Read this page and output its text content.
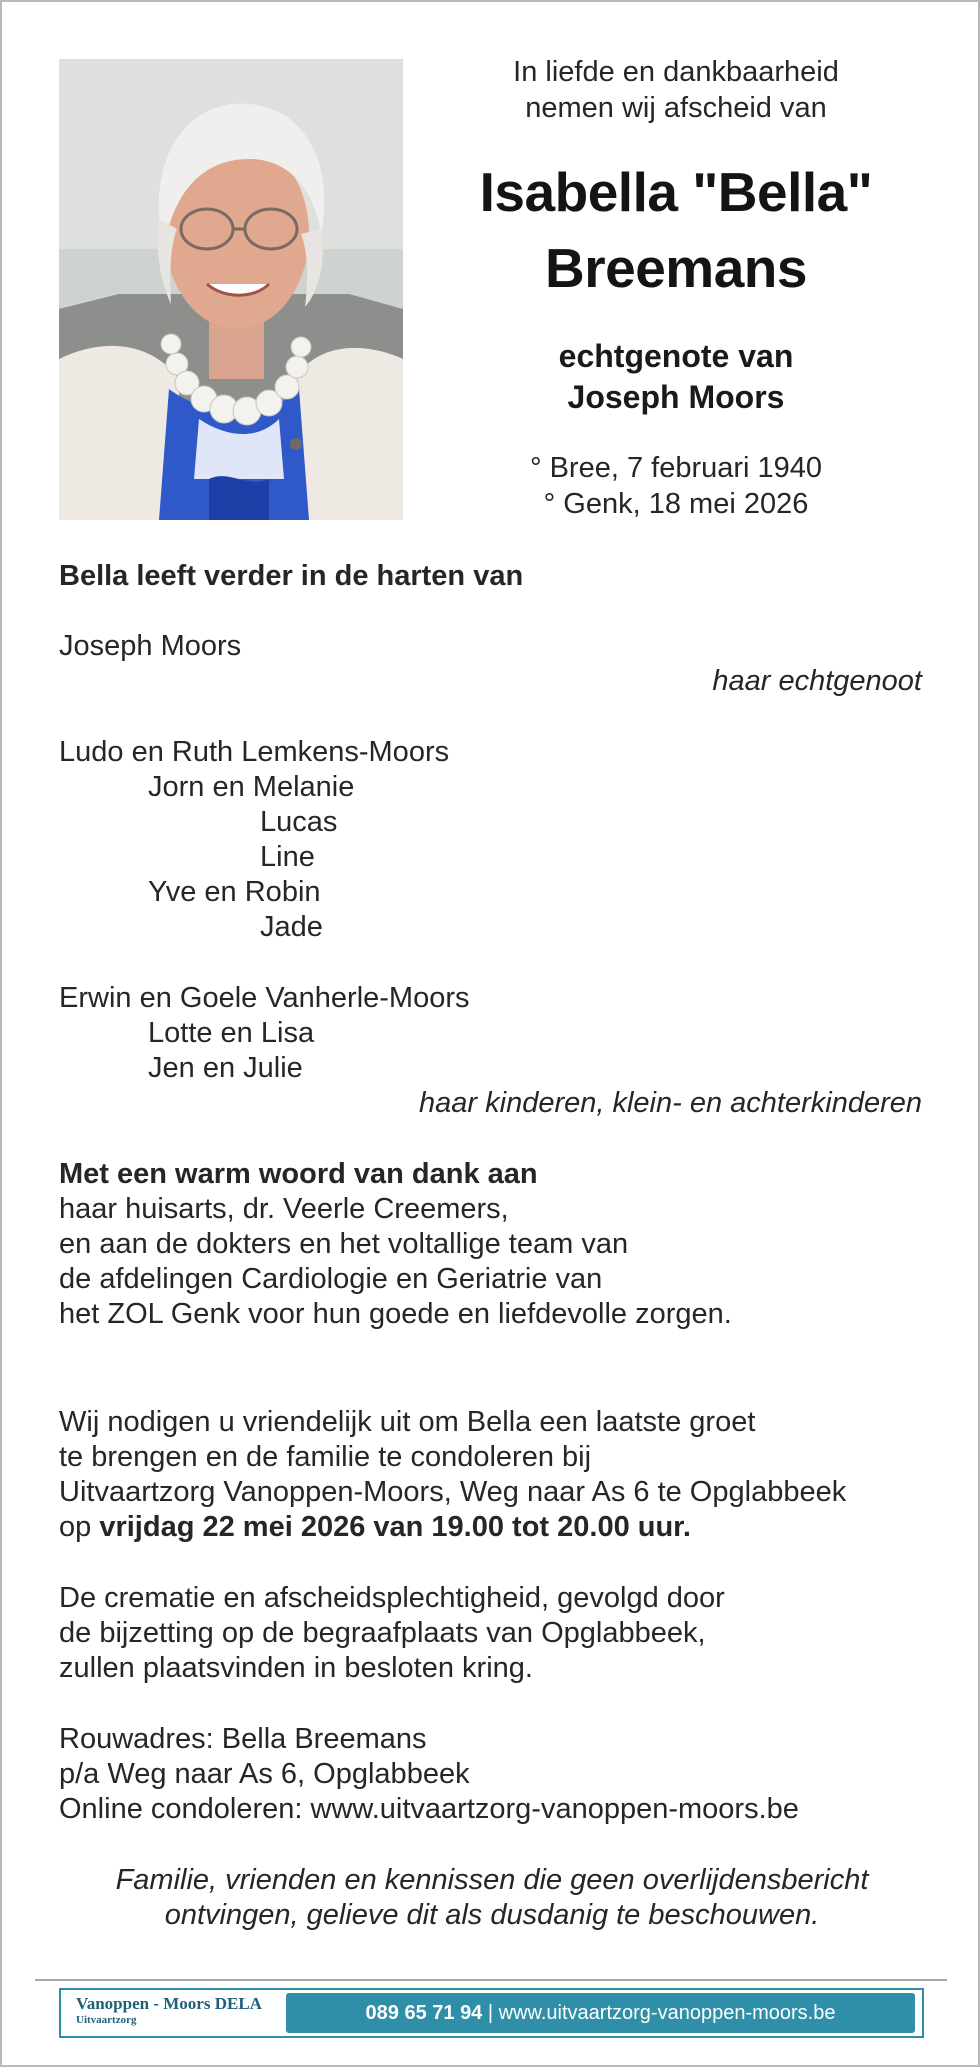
In liefde en dankbaarheid
nemen wij afscheid van
Isabella "Bella"
Breemans
echtgenote van
Joseph Moors
° Bree, 7 februari 1940
° Genk, 18 mei 2026
Bella leeft verder in de harten van
Joseph Moors
haar echtgenoot
Ludo en Ruth Lemkens-Moors
Jorn en Melanie
Lucas
Line
Yve en Robin
Jade
Erwin en Goele Vanherle-Moors
Lotte en Lisa
Jen en Julie
haar kinderen, klein- en achterkinderen
Met een warm woord van dank aan
haar huisarts, dr. Veerle Creemers,
en aan de dokters en het voltallige team van
de afdelingen Cardiologie en Geriatrie van
het ZOL Genk voor hun goede en liefdevolle zorgen.
Wij nodigen u vriendelijk uit om Bella een laatste groet
te brengen en de familie te condoleren bij
Uitvaartzorg Vanoppen-Moors, Weg naar As 6 te Opglabbeek
op vrijdag 22 mei 2026 van 19.00 tot 20.00 uur.
De crematie en afscheidsplechtigheid, gevolgd door
de bijzetting op de begraafplaats van Opglabbeek,
zullen plaatsvinden in besloten kring.
Rouwadres: Bella Breemans
p/a Weg naar As 6, Opglabbeek
Online condoleren: www.uitvaartzorg-vanoppen-moors.be
Familie, vrienden en kennissen die geen overlijdensbericht
ontvingen, gelieve dit als dusdanig te beschouwen.
Vanoppen - Moors DELA
Uitvaartzorg	089 65 71 94 | www.uitvaartzorg-vanoppen-moors.be
